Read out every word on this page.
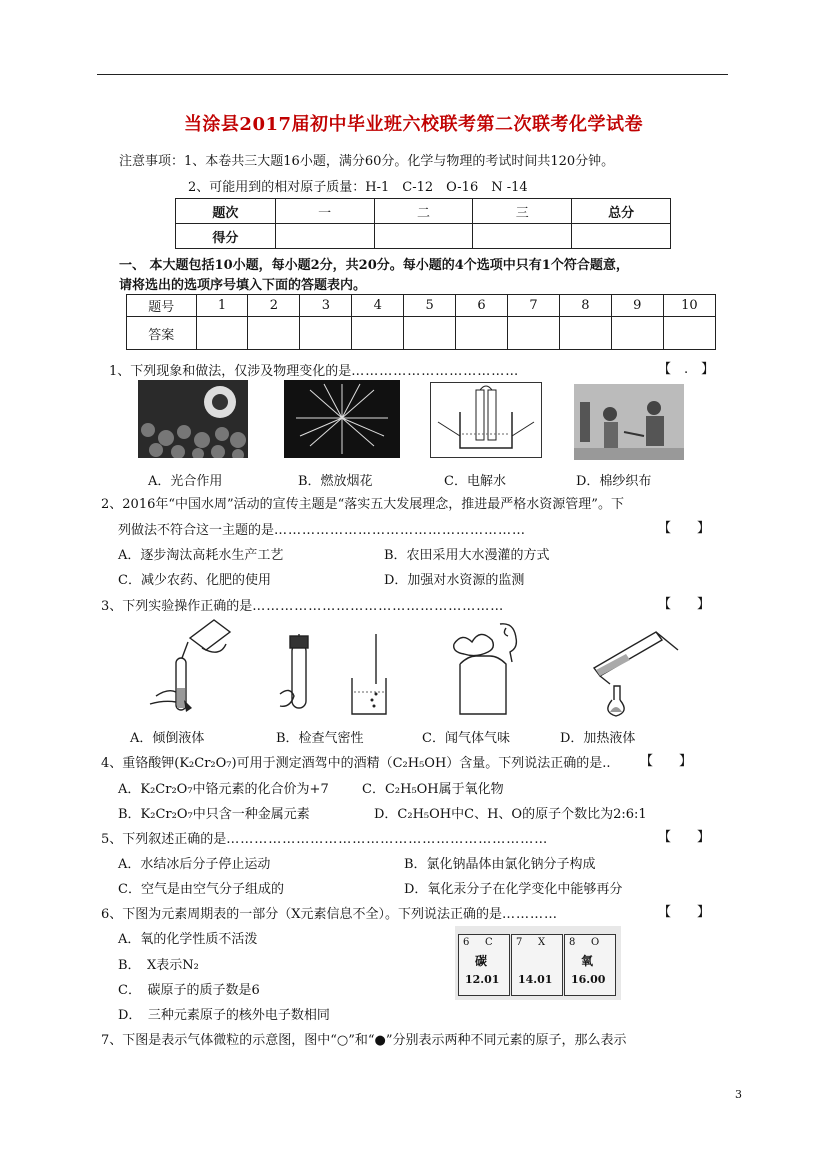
当涂县2017届初中毕业班六校联考第二次联考化学试卷
注意事项：1、本卷共三大题16小题，满分60分。化学与物理的考试时间共120分钟。
2、可能用到的相对原子质量：H-1　C-12　O-16　N -14
题次	一	二	三	总分
得分				
一、 本大题包括10小题，每小题2分，共20分。每小题的4个选项中只有1个符合题意，
请将选出的选项序号填入下面的答题表内。
题号	1	2	3	4	5	6	7	8	9	10
答案										
1、下列现象和做法，仅涉及物理变化的是………………………………	【　.　】
A．光合作用	B．燃放烟花	C．电解水	D．棉纱织布
2、2016年“中国水周”活动的宣传主题是“落实五大发展理念，推进最严格水资源管理”。下
列做法不符合这一主题的是………………………………………………	【　　】
A．逐步淘汰高耗水生产工艺	B．农田采用大水漫灌的方式
C．减少农药、化肥的使用	D．加强对水资源的监测
3、下列实验操作正确的是………………………………………………	【　　】
A．倾倒液体	B．检查气密性	C．闻气体气味	D．加热液体
4、重铬酸钾(K₂Cr₂O₇)可用于测定酒驾中的酒精（C₂H₅OH）含量。下列说法正确的是.. 【　　】
A．K₂Cr₂O₇中铬元素的化合价为+7	C．C₂H₅OH属于氧化物
B．K₂Cr₂O₇中只含一种金属元素	D．C₂H₅OH中C、H、O的原子个数比为2:6:1
5、下列叙述正确的是……………………………………………………………	【　　】
A．水结冰后分子停止运动	B．氯化钠晶体由氯化钠分子构成
C．空气是由空气分子组成的	D．氧化汞分子在化学变化中能够再分
6、下图为元素周期表的一部分（X元素信息不全）。下列说法正确的是…………	【　　】
A．氧的化学性质不活泼
B．　X表示N₂
C．　碳原子的质子数是6
D．　三种元素原子的核外电子数相同
6 C
碳
12.01
7 X
14.01
8 O
氧
16.00
7、下图是表示气体微粒的示意图，图中“○”和“●”分别表示两种不同元素的原子，那么表示
3
